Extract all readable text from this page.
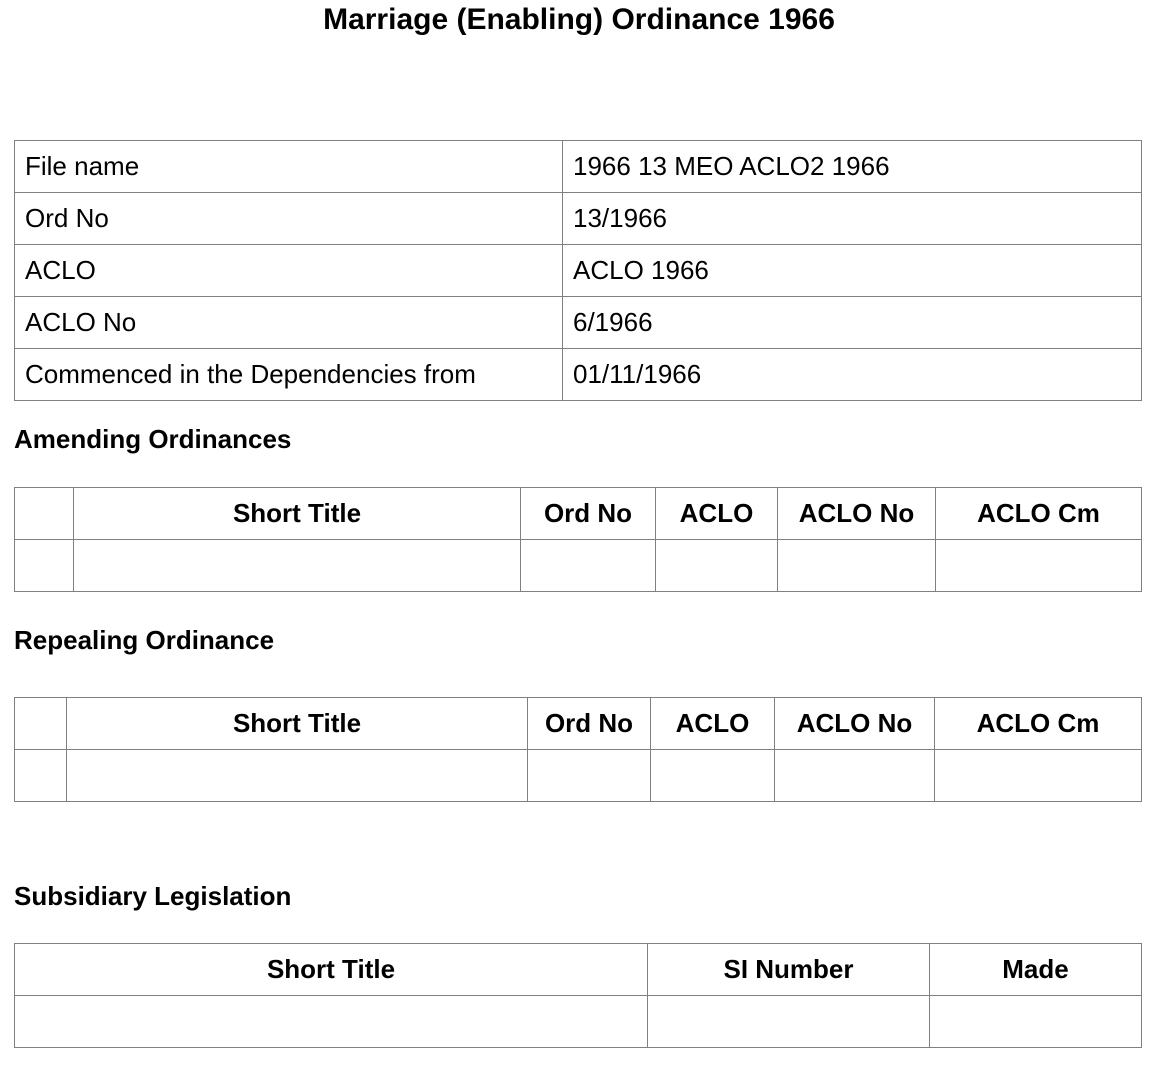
Marriage (Enabling) Ordinance 1966
File name	1966 13 MEO ACLO2 1966
Ord No	13/1966
ACLO	ACLO 1966
ACLO No	6/1966
Commenced in the Dependencies from	01/11/1966
Amending Ordinances
	Short Title	Ord No	ACLO	ACLO No	ACLO Cm

Repealing Ordinance
	Short Title	Ord No	ACLO	ACLO No	ACLO Cm

Subsidiary Legislation
Short Title	SI Number	Made
